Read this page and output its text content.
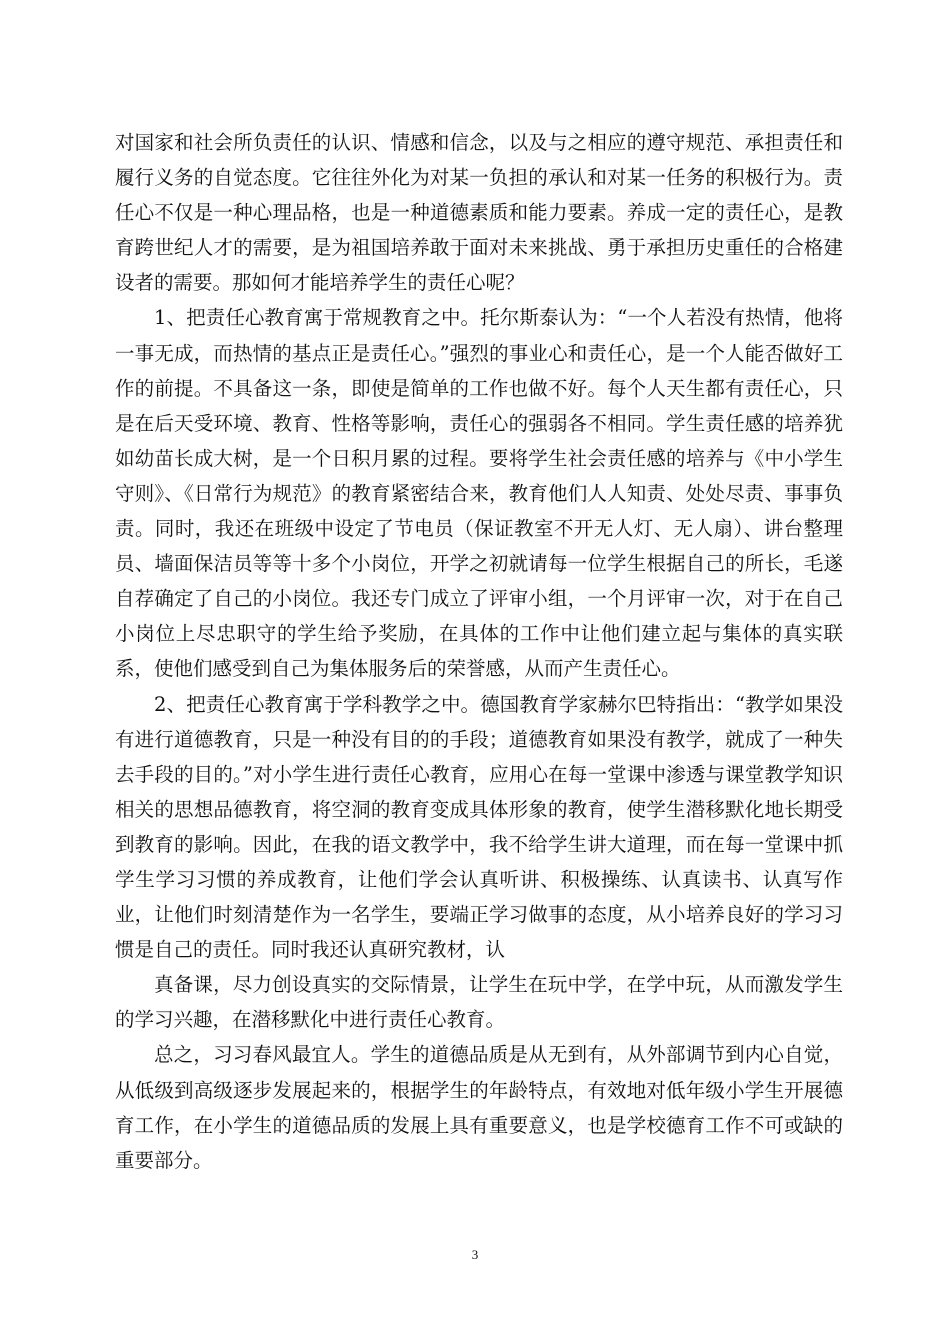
对国家和社会所负责任的认识、情感和信念，以及与之相应的遵守规范、承担责任和履行义务的自觉态度。它往往外化为对某一负担的承认和对某一任务的积极行为。责任心不仅是一种心理品格，也是一种道德素质和能力要素。养成一定的责任心，是教育跨世纪人才的需要，是为祖国培养敢于面对未来挑战、勇于承担历史重任的合格建设者的需要。那如何才能培养学生的责任心呢？

1、把责任心教育寓于常规教育之中。托尔斯泰认为：“一个人若没有热情，他将一事无成，而热情的基点正是责任心。”强烈的事业心和责任心，是一个人能否做好工作的前提。不具备这一条，即使是简单的工作也做不好。每个人天生都有责任心，只是在后天受环境、教育、性格等影响，责任心的强弱各不相同。学生责任感的培养犹如幼苗长成大树，是一个日积月累的过程。要将学生社会责任感的培养与《中小学生守则》、《日常行为规范》的教育紧密结合来，教育他们人人知责、处处尽责、事事负责。同时，我还在班级中设定了节电员（保证教室不开无人灯、无人扇）、讲台整理员、墙面保洁员等等十多个小岗位，开学之初就请每一位学生根据自己的所长，毛遂自荐确定了自己的小岗位。我还专门成立了评审小组，一个月评审一次，对于在自己小岗位上尽忠职守的学生给予奖励，在具体的工作中让他们建立起与集体的真实联系，使他们感受到自己为集体服务后的荣誉感，从而产生责任心。

2、把责任心教育寓于学科教学之中。德国教育学家赫尔巴特指出：“教学如果没有进行道德教育，只是一种没有目的的手段；道德教育如果没有教学，就成了一种失去手段的目的。”对小学生进行责任心教育，应用心在每一堂课中渗透与课堂教学知识相关的思想品德教育，将空洞的教育变成具体形象的教育，使学生潜移默化地长期受到教育的影响。因此，在我的语文教学中，我不给学生讲大道理，而在每一堂课中抓学生学习习惯的养成教育，让他们学会认真听讲、积极操练、认真读书、认真写作业，让他们时刻清楚作为一名学生，要端正学习做事的态度，从小培养良好的学习习惯是自己的责任。同时我还认真研究教材，认

真备课，尽力创设真实的交际情景，让学生在玩中学，在学中玩，从而激发学生的学习兴趣，在潜移默化中进行责任心教育。

总之，习习春风最宜人。学生的道德品质是从无到有，从外部调节到内心自觉，从低级到高级逐步发展起来的，根据学生的年龄特点，有效地对低年级小学生开展德育工作，在小学生的道德品质的发展上具有重要意义，也是学校德育工作不可或缺的重要部分。

3
